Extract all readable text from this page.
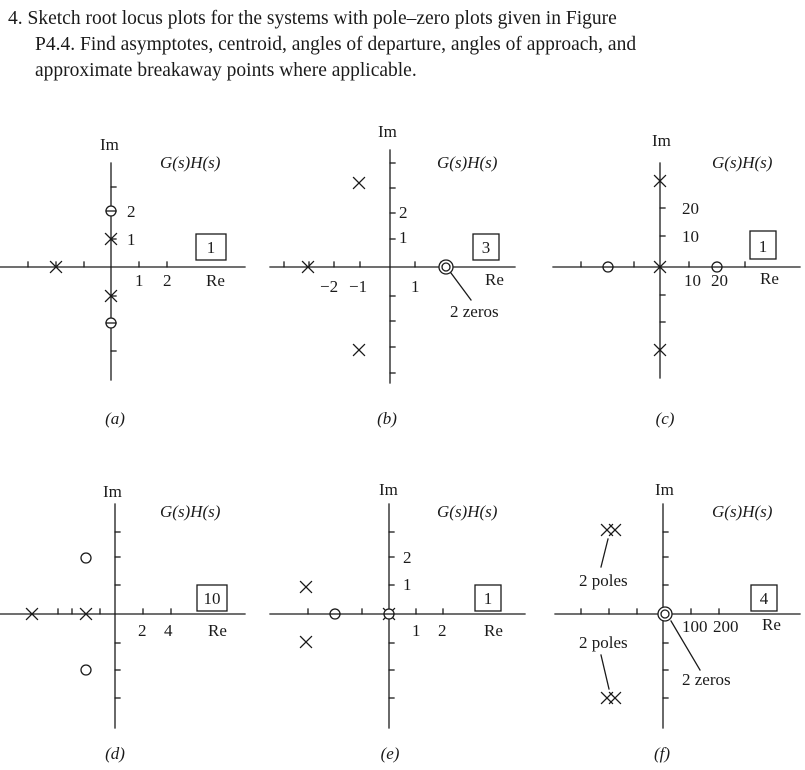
4. Sketch root locus plots for the systems with pole–zero plots given in Figure
P4.4. Find asymptotes, centroid, angles of departure, angles of approach, and
approximate breakaway points where applicable.
Im
G(s)H(s)
2
1
1 2
1
Re
(a)
Im
G(s)H(s)
2
1
3
−2 −1	1	Re
2 zeros
(b)
Im
G(s)H(s)
20
10
1
10 20 Re
(c)
Im
G(s)H(s)
10
2 4 Re
(d)
Im
G(s)H(s)
2
1
1
1 2 Re
(e)
Im
G(s)H(s)
2 poles
4
Re
100 200
2 poles
2 zeros
(f)
